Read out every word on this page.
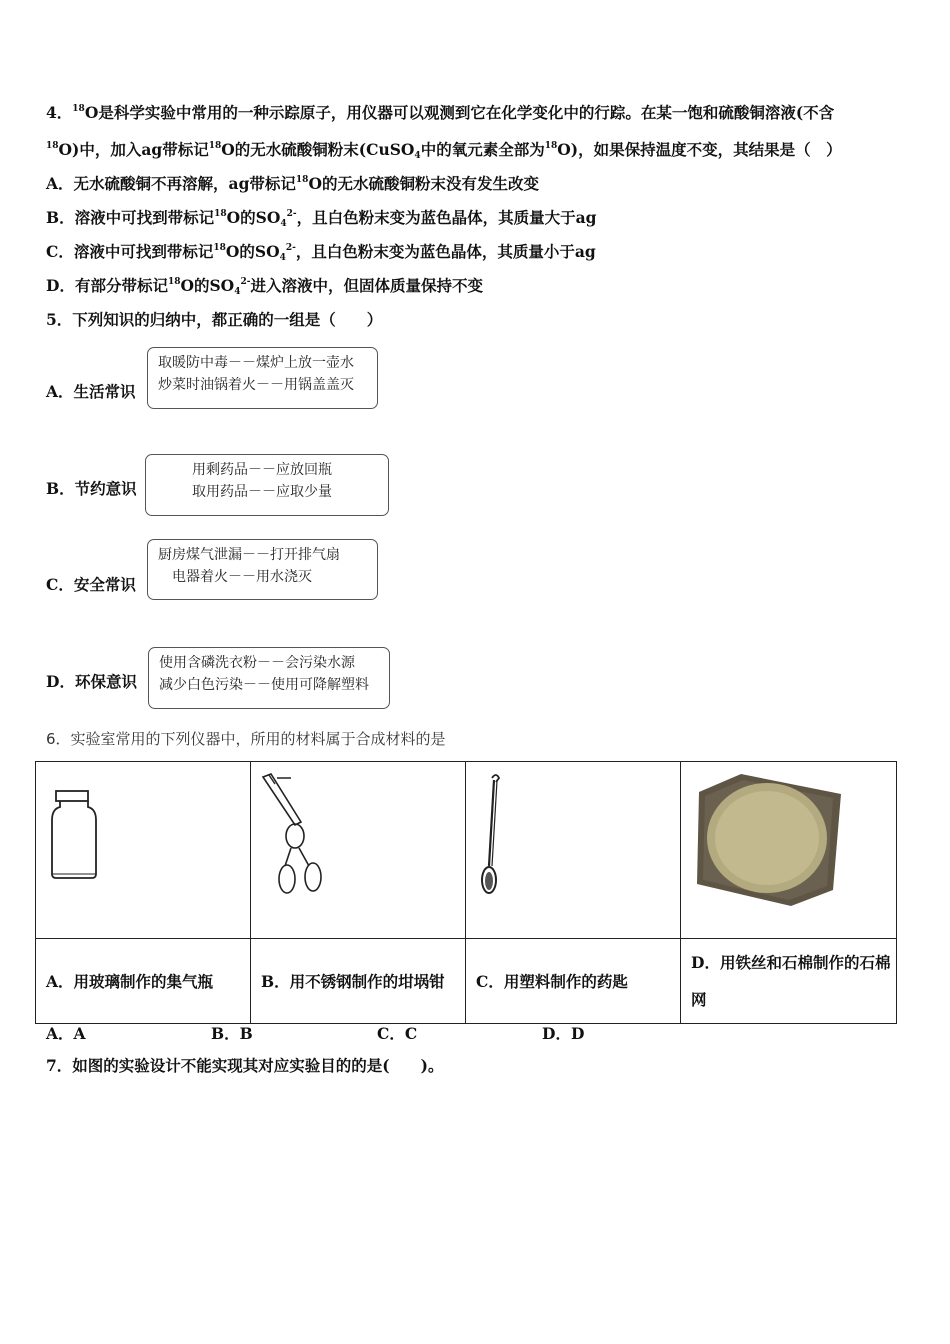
4．$^{18}$O是科学实验中常用的一种示踪原子，用仪器可以观测到它在化学变化中的行踪。在某一饱和硫酸铜溶液(不含
$^{18}$O)中，加入ag带标记$^{18}$O的无水硫酸铜粉末(CuSO$_4$中的氧元素全部为$^{18}$O)，如果保持温度不变，其结果是（　）
A．无水硫酸铜不再溶解，ag带标记$^{18}$O的无水硫酸铜粉末没有发生改变
B．溶液中可找到带标记$^{18}$O的$SO_4^{2-}$，且白色粉末变为蓝色晶体，其质量大于ag
C．溶液中可找到带标记$^{18}$O的$SO_4^{2-}$，且白色粉末变为蓝色晶体，其质量小于ag
D．有部分带标记$^{18}$O的$SO_4^{2-}$进入溶液中，但固体质量保持不变
5．下列知识的归纳中，都正确的一组是（　　）
A．生活常识
取暖防中毒－－煤炉上放一壶水
炒菜时油锅着火－－用锅盖盖灭
B．节约意识
用剩药品－－应放回瓶
取用药品－－应取少量
C．安全常识
厨房煤气泄漏－－打开排气扇
电器着火－－用水浇灭
D．环保意识
使用含磷洗衣粉－－会污染水源
减少白色污染－－使用可降解塑料
6．实验室常用的下列仪器中，所用的材料属于合成材料的是

A．用玻璃制作的集气瓶	B．用不锈钢制作的坩埚钳	C．用塑料制作的药匙	D．用铁丝和石棉制作的石棉网
A．A	B．B	C．C	D．D
7．如图的实验设计不能实现其对应实验目的的是(　　)。
